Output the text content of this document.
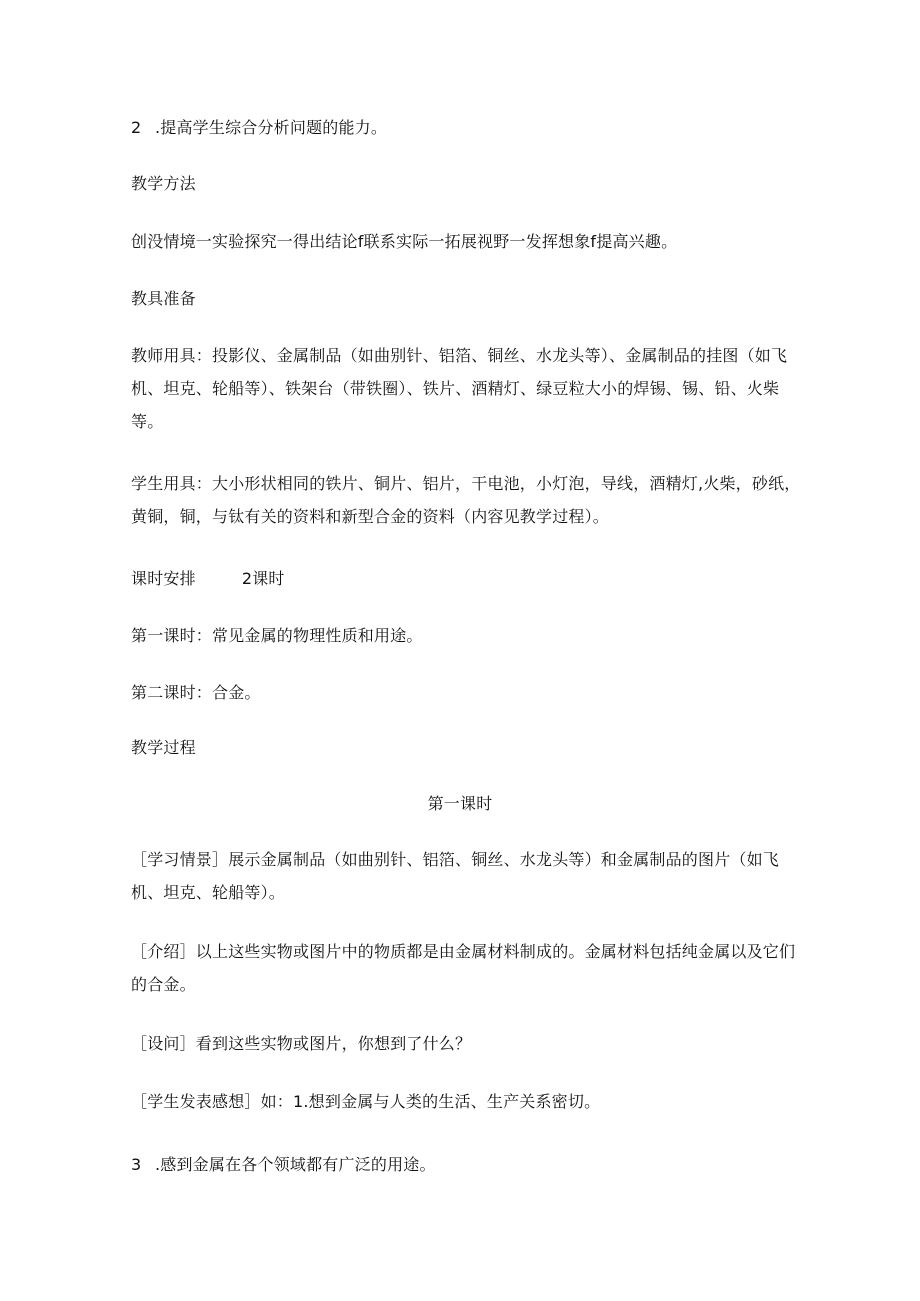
2 .提高学生综合分析问题的能力。
教学方法
创没情境一实验探究一得出结论f联系实际一拓展视野一发挥想象f提高兴趣。
教具准备
教师用具：投影仪、金属制品（如曲别针、铝箔、铜丝、水龙头等）、金属制品的挂图（如飞机、坦克、轮船等）、铁架台（带铁圈）、铁片、酒精灯、绿豆粒大小的焊锡、锡、铅、火柴等。
学生用具：大小形状相同的铁片、铜片、铝片，干电池，小灯泡，导线，酒精灯,火柴，砂纸，黄铜，铜，与钛有关的资料和新型合金的资料（内容见教学过程）。
课时安排	2课时
第一课时：常见金属的物理性质和用途。
第二课时：合金。
教学过程
第一课时
［学习情景］展示金属制品（如曲别针、铝箔、铜丝、水龙头等）和金属制品的图片（如飞机、坦克、轮船等）。
［介绍］以上这些实物或图片中的物质都是由金属材料制成的。金属材料包括纯金属以及它们的合金。
［设问］看到这些实物或图片，你想到了什么？
［学生发表感想］如：1.想到金属与人类的生活、生产关系密切。
3 .感到金属在各个领域都有广泛的用途。
